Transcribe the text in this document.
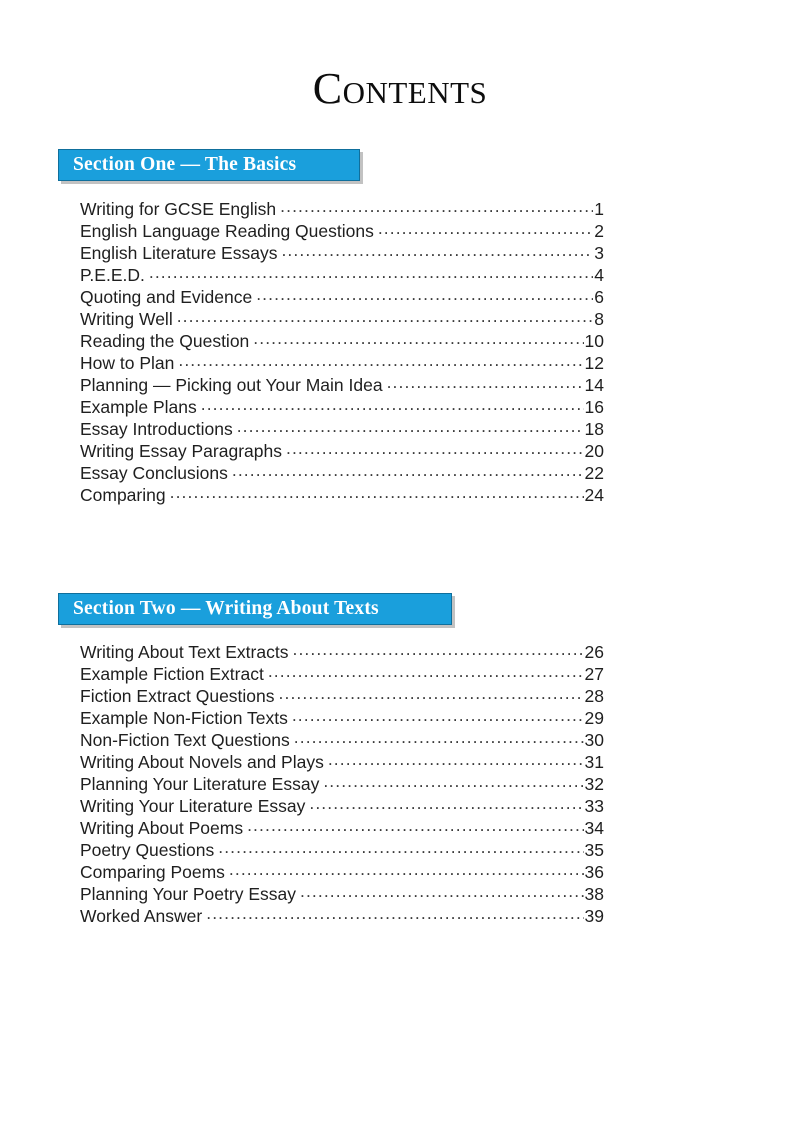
Contents
Section One — The Basics
Writing for GCSE English .....	1
English Language Reading Questions .....	2
English Literature Essays .....	3
P.E.E.D. .....	4
Quoting and Evidence .....	6
Writing Well .....	8
Reading the Question .....	10
How to Plan .....	12
Planning — Picking out Your Main Idea .....	14
Example Plans .....	16
Essay Introductions .....	18
Writing Essay Paragraphs .....	20
Essay Conclusions .....	22
Comparing .....	24
Section Two — Writing About Texts
Writing About Text Extracts .....	26
Example Fiction Extract .....	27
Fiction Extract Questions .....	28
Example Non-Fiction Texts .....	29
Non-Fiction Text Questions .....	30
Writing About Novels and Plays .....	31
Planning Your Literature Essay .....	32
Writing Your Literature Essay .....	33
Writing About Poems .....	34
Poetry Questions .....	35
Comparing Poems .....	36
Planning Your Poetry Essay .....	38
Worked Answer .....	39
